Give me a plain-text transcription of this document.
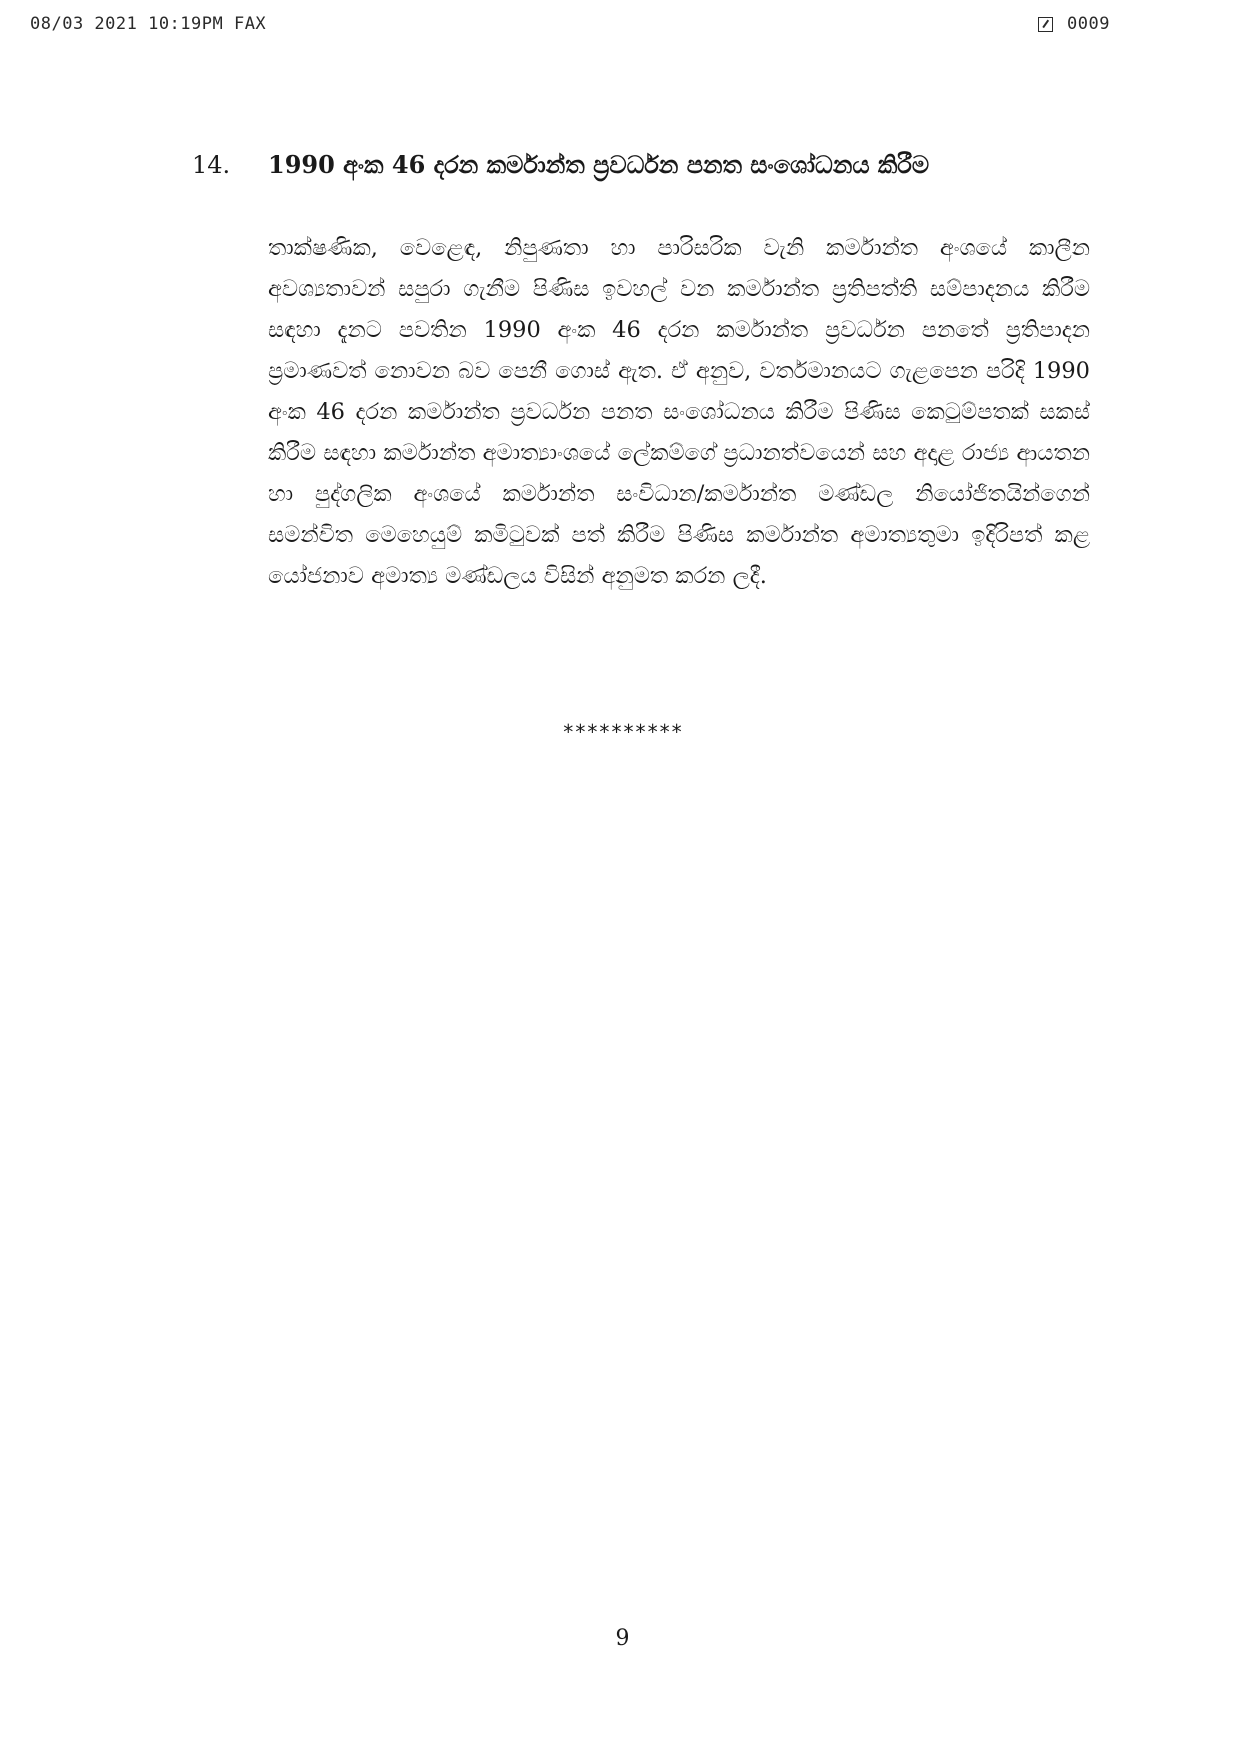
08/03 2021 10:19PM FAX	0009
14.	1990 අංක 46 දරන කර්මාන්ත ප්‍රවර්ධන පනත සංශෝධනය කිරීම

තාක්ෂණික, වෙළෙඳ, නිපුණතා හා පාරිසරික වැනි කර්මාන්ත අංශයේ කාලීන අවශ්‍යතාවන් සපුරා ගැනීම පිණිස ඉවහල් වන කර්මාන්ත ප්‍රතිපත්ති සම්පාදනය කිරීම සඳහා දැනට පවතින 1990 අංක 46 දරන කර්මාන්ත ප්‍රවර්ධන පනතේ ප්‍රතිපාදන ප්‍රමාණවත් නොවන බව පෙනී ගොස් ඇත. ඒ අනුව, වර්තමානයට ගැළපෙන පරිදි 1990 අංක 46 දරන කර්මාන්ත ප්‍රවර්ධන පනත සංශෝධනය කිරීම පිණිස කෙටුම්පතක් සකස් කිරීම සඳහා කර්මාන්ත අමාත්‍යාංශයේ ලේකම්ගේ ප්‍රධානත්වයෙන් සහ අදාළ රාජ්‍ය ආයතන හා පුද්ගලික අංශයේ කර්මාන්ත සංවිධාන/කර්මාන්ත මණ්ඩල නියෝජිතයින්ගෙන් සමන්විත මෙහෙයුම් කමිටුවක් පත් කිරීම පිණිස කර්මාන්ත අමාත්‍යතුමා ඉදිරිපත් කළ යෝජනාව අමාත්‍ය මණ්ඩලය විසින් අනුමත කරන ලදී.

**********
9
